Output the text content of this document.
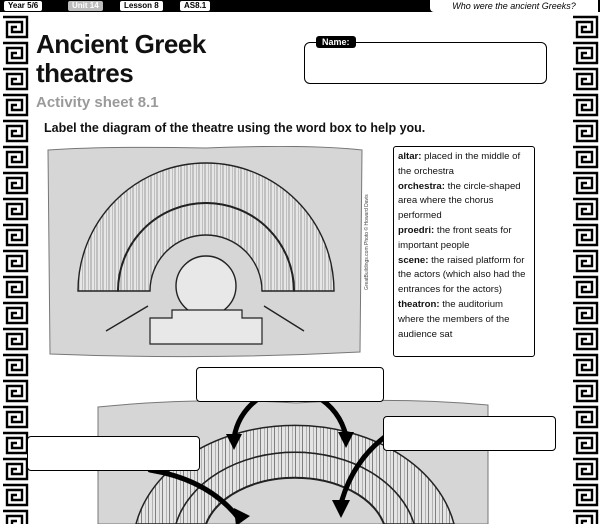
Year 5/6	Unit 14	Lesson 8	AS8.1	Who were the ancient Greeks?
Ancient Greek
theatres
Activity sheet 8.1
Name:
Label the diagram of the theatre using the word box to help you.
GreatBuildings.com Photo © Howard Davis
altar: placed in the middle of the orchestra
orchestra: the circle-shaped area where the chorus performed
proedri: the front seats for important people
scene: the raised platform for the actors (which also had the entrances for the actors)
theatron: the auditorium where the members of the audience sat
